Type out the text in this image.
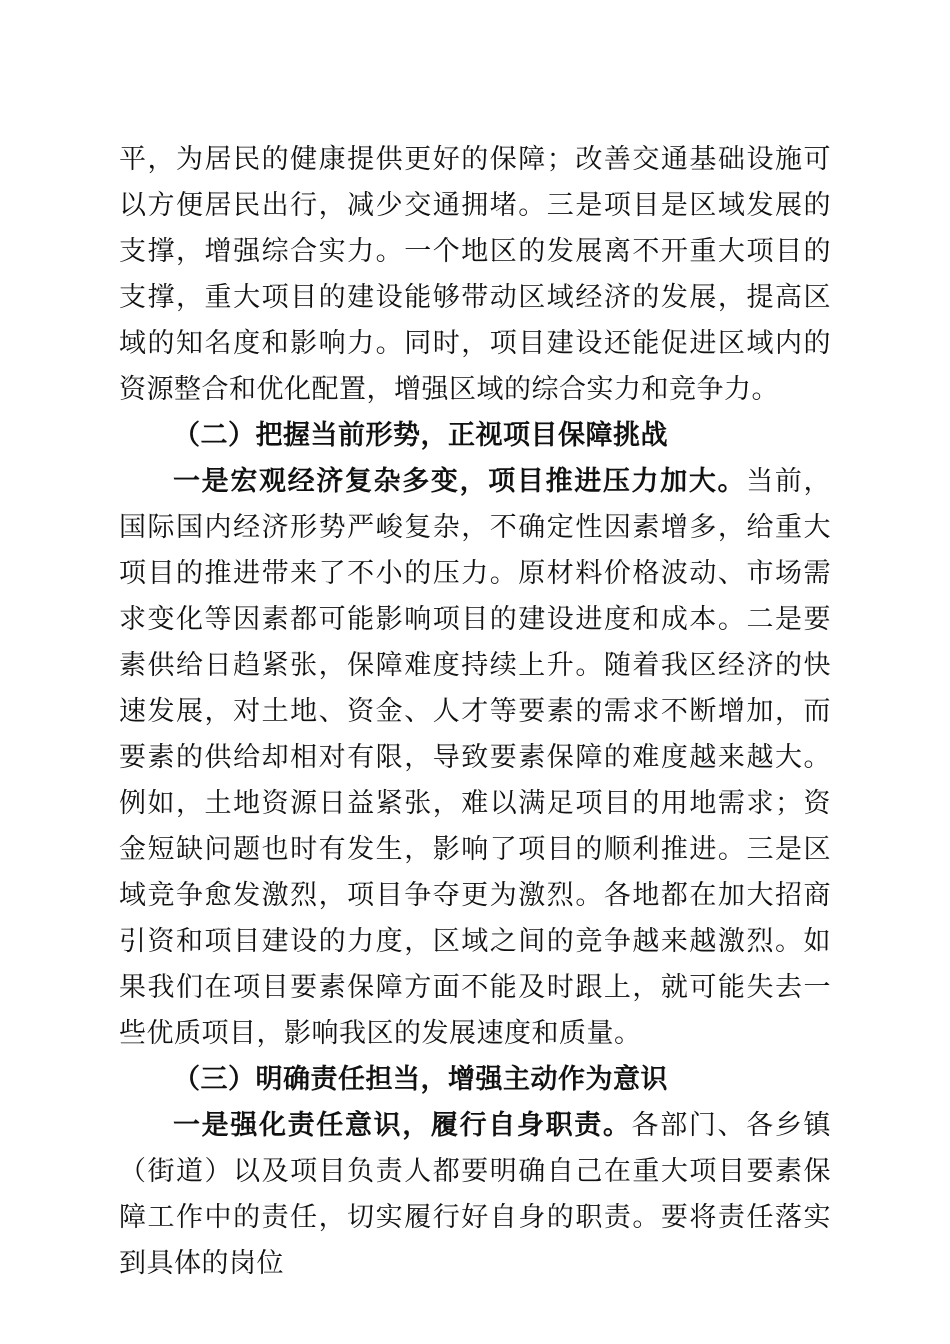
平，为居民的健康提供更好的保障；改善交通基础设施可以方便居民出行，减少交通拥堵。三是项目是区域发展的支撑，增强综合实力。一个地区的发展离不开重大项目的支撑，重大项目的建设能够带动区域经济的发展，提高区域的知名度和影响力。同时，项目建设还能促进区域内的资源整合和优化配置，增强区域的综合实力和竞争力。

（二）把握当前形势，正视项目保障挑战

一是宏观经济复杂多变，项目推进压力加大。当前，国际国内经济形势严峻复杂，不确定性因素增多，给重大项目的推进带来了不小的压力。原材料价格波动、市场需求变化等因素都可能影响项目的建设进度和成本。二是要素供给日趋紧张，保障难度持续上升。随着我区经济的快速发展，对土地、资金、人才等要素的需求不断增加，而要素的供给却相对有限，导致要素保障的难度越来越大。例如，土地资源日益紧张，难以满足项目的用地需求；资金短缺问题也时有发生，影响了项目的顺利推进。三是区域竞争愈发激烈，项目争夺更为激烈。各地都在加大招商引资和项目建设的力度，区域之间的竞争越来越激烈。如果我们在项目要素保障方面不能及时跟上，就可能失去一些优质项目，影响我区的发展速度和质量。

（三）明确责任担当，增强主动作为意识

一是强化责任意识，履行自身职责。各部门、各乡镇（街道）以及项目负责人都要明确自己在重大项目要素保障工作中的责任，切实履行好自身的职责。要将责任落实到具体的岗位
